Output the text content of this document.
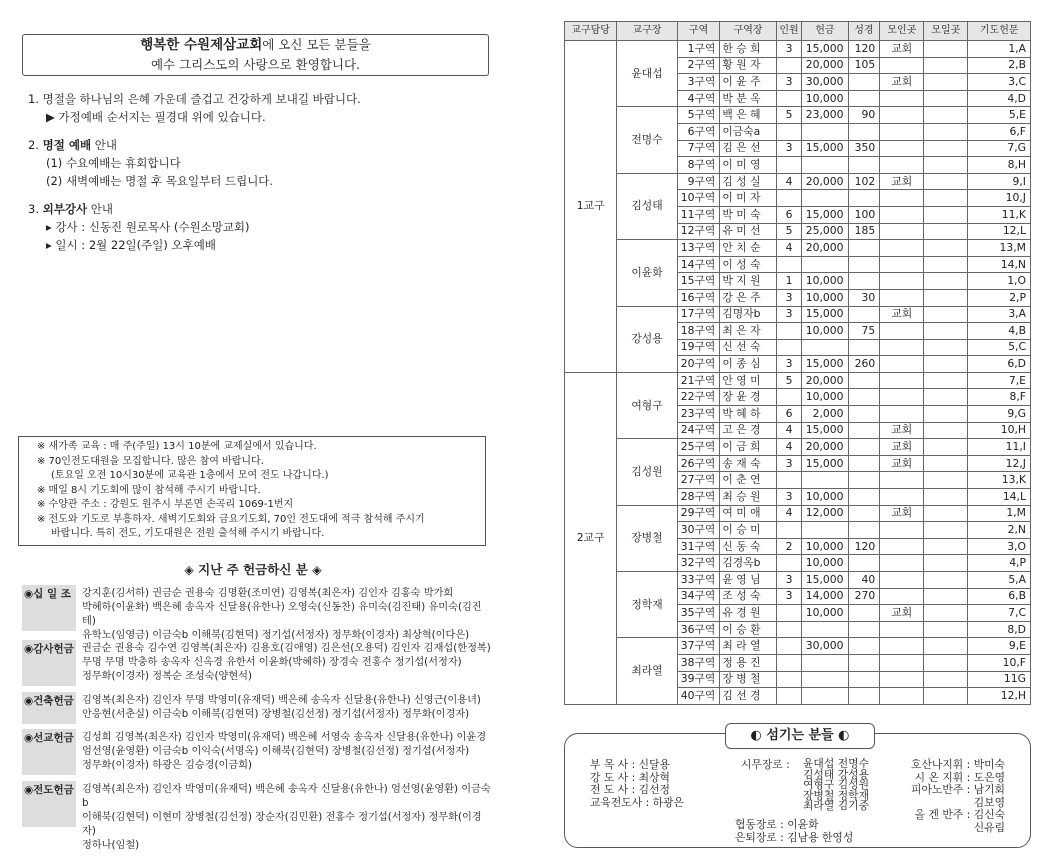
행복한 수원제삼교회에 오신 모든 분들을
예수 그리스도의 사랑으로 환영합니다.
1. 명절을 하나님의 은혜 가운데 즐겁고 건강하게 보내길 바랍니다.
▶ 가정예배 순서지는 필경대 위에 있습니다.
2. 명절 예배 안내
(1) 수요예배는 휴회합니다
(2) 새벽예배는 명절 후 목요일부터 드립니다.
3. 외부강사 안내
▸ 강사 : 신동진 원로목사 (수원소망교회)
▸ 일시 : 2월 22일(주일) 오후예배
※ 새가족 교육 : 매 주(주일) 13시 10분에 교제실에서 있습니다.
※ 70인전도대원을 모집합니다. 많은 참여 바랍니다.
(토요일 오전 10시30분에 교육관 1층에서 모여 전도 나갑니다.)
※ 매일 8시 기도회에 많이 참석해 주시기 바랍니다.
※ 수양관 주소 : 강원도 원주시 부론면 손곡리 1069-1번지
※ 전도와 기도로 부흥하자. 새벽기도회와 금요기도회, 70인 전도대에 적극 참석해 주시기
바랍니다. 특히 전도, 기도대원은 전원 출석해 주시기 바랍니다.
◈ 지난 주 헌금하신 분 ◈
◉십 일 조	강지훈(김서하) 권금순 권용숙 김명환(조미연) 김영복(최은자) 김인자 김홍숙 박가희
박혜하(이윤화) 백은혜 송옥자 신달용(유한나) 오영숙(신동찬) 유미숙(김진태) 유미숙(김진테)
유학노(임영금) 이금숙b 이해북(김현덕) 정기섭(서정자) 정무화(이경자) 최상혁(이다은)
◉감사헌금 권금순 권용숙 김수연 김영복(최은자) 김용호(김애영) 김은선(오용덕) 김인자 김재섭(한정복)
무명 무명 박충하 송옥자 신옥경 유한서 이윤화(박혜하) 장경숙 전홍수 정기섭(서정자)
정무화(이경자) 정복순 조성숙(양현석)
◉건축헌금 김영복(최은자) 김인자 무명 박영미(유재덕) 백은혜 송옥자 신달용(유한나) 신영근(이용녀)
안응현(서춘실) 이금숙b 이해북(김현덕) 장병철(김선정) 정기섭(서정자) 정무화(이경자)
◉선교헌금 김성희 김영복(최은자) 김인자 박영미(유재덕) 백은혜 서영숙 송옥자 신달용(유한나) 이윤경
엄선영(윤영환) 이금숙b 이익숙(서명옥) 이해북(김현덕) 장병철(김선정) 정기섭(서정자)
정무화(이경자) 하광은 김승경(이금희)
◉전도헌금 김영복(최은자) 김인자 박영미(유재덕) 백은혜 송옥자 신달용(유한나) 엄선영(윤영환) 이금숙b
이해북(김현덕) 이현미 장병철(김선정) 장순자(김민환) 전홍수 정기섭(서정자) 정무화(이경자)
정하나(임철)
교구담당	교구장	구역	구역장	인원	헌금	성경	모인곳	모일곳	기도헌문
1교구	윤대섭	1구역	한 승 희	3	15,000	120	교회		1,A
		2구역	황 원 자		20,000	105			2,B
		3구역	이 윤 주	3	30,000		교회		3,C
		4구역	박 분 옥		10,000				4,D
	전명수	5구역	백 은 혜	5	23,000	90			5,E
		6구역	이금숙a						6,F
		7구역	김 은 선	3	15,000	350			7,G
		8구역	이 미 영						8,H
	김성태	9구역	김 성 실	4	20,000	102	교회		9,I
		10구역	이 미 자						10,J
		11구역	박 미 숙	6	15,000	100			11,K
		12구역	유 미 선	5	25,000	185			12,L
	이윤화	13구역	안 치 순	4	20,000				13,M
		14구역	이 성 숙						14,N
		15구역	박 지 원	1	10,000				1,O
		16구역	강 은 주	3	10,000	30			2,P
	강성용	17구역	김명자b	3	15,000		교회		3,A
		18구역	최 은 자		10,000	75			4,B
		19구역	신 선 숙						5,C
		20구역	이 종 심	3	15,000	260			6,D
2교구	여형구	21구역	안 영 미	5	20,000				7,E
		22구역	장 윤 경		10,000				8,F
		23구역	박 혜 하	6	2,000				9,G
		24구역	고 은 경	4	15,000		교회		10,H
	김성원	25구역	이 금 희	4	20,000		교회		11,I
		26구역	송 재 숙	3	15,000		교회		12,J
		27구역	이 춘 연						13,K
		28구역	최 승 원	3	10,000				14,L
	장병철	29구역	여 미 애	4	12,000		교회		1,M
		30구역	이 승 미						2,N
		31구역	신 동 숙	2	10,000	120			3,O
		32구역	김경옥b		10,000				4,P
	정학재	33구역	윤 영 님	3	15,000	40			5,A
		34구역	조 성 숙	3	14,000	270			6,B
		35구역	유 경 원		10,000		교회		7,C
		36구역	이 승 환						8,D
	최라열	37구역	최 라 열		30,000				9,E
		38구역	정 용 진						10,F
		39구역	장 병 철						11G
		40구역	김 선 경						12,H
◐ 섬기는 분들 ◐
부 목 사 : 신달용
강 도 사 : 최상혁
전 도 사 : 김선정
교육전도사 : 하광은
시무장로 : 윤대섭 전명수
김성태 강성용
여형구 김성원
장병철 정학재
최라열 김기중
협동장로 : 이윤화
은퇴장로 : 김남용 한영성
호산나지휘 : 박미숙
시 온 지휘 : 도은영
피아노반주 : 남기회
김보영
올 겐 반주 : 김신숙
신유림
